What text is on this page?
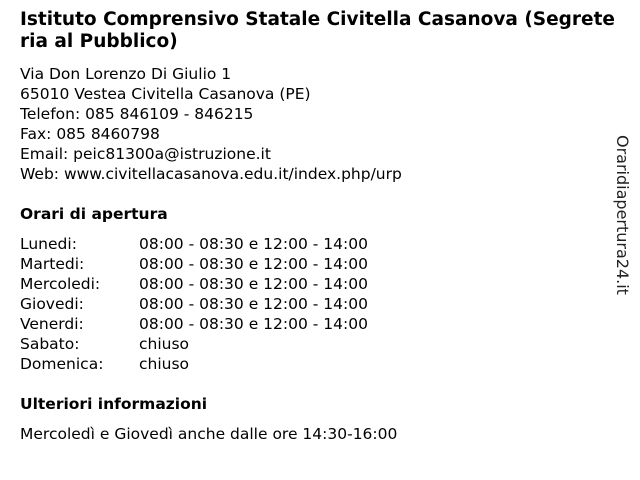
Istituto Comprensivo Statale Civitella Casanova (Segreteria al Pubblico)
Via Don Lorenzo Di Giulio 1
65010 Vestea Civitella Casanova (PE)
Telefon: 085 846109 - 846215
Fax: 085 8460798
Email: peic81300a@istruzione.it
Web: www.civitellacasanova.edu.it/index.php/urp
Orari di apertura
Lunedi:	08:00 - 08:30 e 12:00 - 14:00
Martedi:	08:00 - 08:30 e 12:00 - 14:00
Mercoledi:	08:00 - 08:30 e 12:00 - 14:00
Giovedi:	08:00 - 08:30 e 12:00 - 14:00
Venerdi:	08:00 - 08:30 e 12:00 - 14:00
Sabato:	chiuso
Domenica:	chiuso
Ulteriori informazioni
Mercoledì e Giovedì anche dalle ore 14:30-16:00
Oraridiapertura24.it
